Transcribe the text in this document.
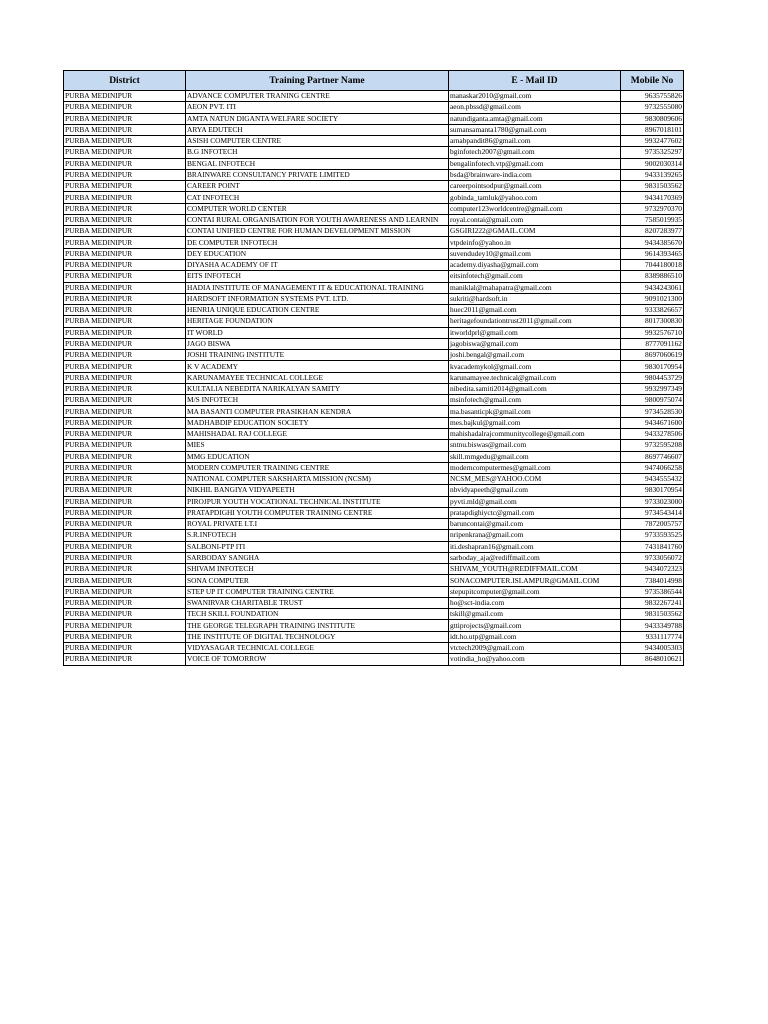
District	Training Partner Name	E - Mail ID	Mobile No
PURBA MEDINIPUR	ADVANCE COMPUTER TRANING CENTRE	manaskar2010@gmail.com	9635755826
PURBA MEDINIPUR	AEON PVT. ITI	aeon.pbssd@gmail.com	9732555080
PURBA MEDINIPUR	AMTA NATUN DIGANTA WELFARE SOCIETY	natundiganta.amta@gmail.com	9830809606
PURBA MEDINIPUR	ARYA EDUTECH	sumansamanta1780@gmail.com	8967018101
PURBA MEDINIPUR	ASISH COMPUTER CENTRE	arnabpandit86@gmail.com	9932477602
PURBA MEDINIPUR	B.G INFOTECH	bginfotech2007@gmail.com	9735325297
PURBA MEDINIPUR	BENGAL INFOTECH	bengalinfotech.vtp@gmail.com	9002030314
PURBA MEDINIPUR	BRAINWARE CONSULTANCY PRIVATE LIMITED	bsda@brainware-india.com	9433139265
PURBA MEDINIPUR	CAREER POINT	careerpointsodpur@gmail.com	9831503562
PURBA MEDINIPUR	CAT INFOTECH	gobinda_tamluk@yahoo.com	9434170369
PURBA MEDINIPUR	COMPUTER WORLD CENTER	computer123worldcentre@gmail.com	9732970370
PURBA MEDINIPUR	CONTAI RURAL ORGANISATION FOR YOUTH AWARENESS AND LEARNIN	royal.contai@gmail.com	7585019935
PURBA MEDINIPUR	CONTAI UNIFIED CENTRE FOR HUMAN DEVELOPMENT MISSION	GSGIRI222@GMAIL.COM	8207283977
PURBA MEDINIPUR	DE COMPUTER INFOTECH	vtpdeinfo@yahoo.in	9434385670
PURBA MEDINIPUR	DEY EDUCATION	suvendudey10@gmail.com	9614393465
PURBA MEDINIPUR	DIYASHA ACADEMY OF IT	academy.diyasha@gmail.com	7044180018
PURBA MEDINIPUR	EITS INFOTECH	eitsinfotech@gmail.com	8389886510
PURBA MEDINIPUR	HADIA INSTITUTE OF MANAGEMENT IT & EDUCATIONAL TRAINING	maniklal@mahapatra@gmail.com	9434243061
PURBA MEDINIPUR	HARDSOFT INFORMATION SYSTEMS PVT. LTD.	sukriti@hardsoft.in	9091021300
PURBA MEDINIPUR	HENRIA UNIQUE EDUCATION CENTRE	huec2011@gmail.com	9333826657
PURBA MEDINIPUR	HERITAGE FOUNDATION	heritagefoundationtrust2011@gmail.com	8017300830
PURBA MEDINIPUR	IT WORLD	itworldprl@gmail.com	9932576710
PURBA MEDINIPUR	JAGO BISWA	jagobiswa@gmail.com	8777091162
PURBA MEDINIPUR	JOSHI TRAINING INSTITUTE	joshi.bengal@gmail.com	8697060619
PURBA MEDINIPUR	K V ACADEMY	kvacademykol@gmail.com	9830170954
PURBA MEDINIPUR	KARUNAMAYEE TECHNICAL COLLEGE	karunamayee.technical@gmail.com	9804453729
PURBA MEDINIPUR	KULTALIA NEBEDITA NARIKALYAN SAMITY	nibedita.samiti2014@gmail.com	9932997349
PURBA MEDINIPUR	M/S INFOTECH	msinfotech@gmail.com	9800975074
PURBA MEDINIPUR	MA BASANTI COMPUTER PRASIKHAN KENDRA	ma.basanticpk@gmail.com	9734528530
PURBA MEDINIPUR	MADHABDIP EDUCATION SOCIETY	mes.bajkul@gmail.com	9434671600
PURBA MEDINIPUR	MAHISHADAL RAJ COLLEGE	mahishadalrajcommunitycollege@gmail.com	9433278506
PURBA MEDINIPUR	MIES	sntnu.biswas@gmail.com	9732595208
PURBA MEDINIPUR	MMG EDUCATION	skill.mmgedu@gmail.com	8697746607
PURBA MEDINIPUR	MODERN COMPUTER TRAINING CENTRE	moderncomputermes@gmail.com	9474066258
PURBA MEDINIPUR	NATIONAL COMPUTER SAKSHARTA MISSION (NCSM)	NCSM_MES@YAHOO.COM	9434555432
PURBA MEDINIPUR	NIKHIL BANGIYA VIDYAPEETH	nbvidyapeeth@gmail.com	9830170954
PURBA MEDINIPUR	PIROJPUR YOUTH VOCATIONAL TECHNICAL INSTITUTE	pyvti.mld@gmail.com	9733023000
PURBA MEDINIPUR	PRATAPDIGHI YOUTH COMPUTER TRAINING CENTRE	pratapdighiyctc@gmail.com	9734543414
PURBA MEDINIPUR	ROYAL PRIVATE I.T.I	baruncontai@gmail.com	7872005757
PURBA MEDINIPUR	S.R.INFOTECH	nripenkrana@gmail.com	9733593525
PURBA MEDINIPUR	SALBONI-PTP ITI	iti.deshapran16@gmail.com	7431841760
PURBA MEDINIPUR	SARBODAY SANGHA	sarboday_aja@rediffmail.com	9733056072
PURBA MEDINIPUR	SHIVAM INFOTECH	SHIVAM_YOUTH@REDIFFMAIL.COM	9434072323
PURBA MEDINIPUR	SONA COMPUTER	SONACOMPUTER.ISLAMPUR@GMAIL.COM	7384014998
PURBA MEDINIPUR	STEP UP IT COMPUTER TRAINING CENTRE	stepupitcomputer@gmail.com	9735386544
PURBA MEDINIPUR	SWANIRVAR CHARITABLE TRUST	ho@sct-india.com	9832267241
PURBA MEDINIPUR	TECH SKILL FOUNDATION	tskill@gmail.com	9831503562
PURBA MEDINIPUR	THE GEORGE TELEGRAPH TRAINING INSTITUTE	gttiprojects@gmail.com	9433349788
PURBA MEDINIPUR	THE INSTITUTE OF DIGITAL TECHNOLOGY	idt.ho.utp@gmail.com	9331117774
PURBA MEDINIPUR	VIDYASAGAR TECHNICAL COLLEGE	vtctech2009@gmail.com	9434005303
PURBA MEDINIPUR	VOICE OF TOMORROW	votindia_ho@yahoo.com	8648010621
